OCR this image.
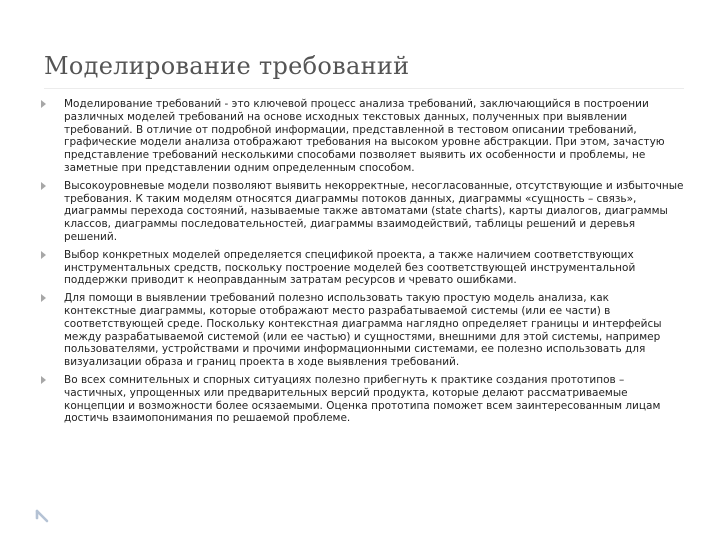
Моделирование требований
Моделирование требований - это ключевой процесс анализа требований, заключающийся в построении различных моделей требований на основе исходных текстовых данных, полученных при выявлении требований. В отличие от подробной информации, представленной в тестовом описании требований, графические модели анализа отображают требования на высоком уровне абстракции. При этом, зачастую представление требований несколькими способами позволяет выявить их особенности и проблемы, не заметные при представлении одним определенным способом.
Высокоуровневые модели позволяют выявить некорректные, несогласованные, отсутствующие и избыточные требования. К таким моделям относятся диаграммы потоков данных, диаграммы «сущность – связь», диаграммы перехода состояний, называемые также автоматами (state charts), карты диалогов, диаграммы классов, диаграммы последовательностей, диаграммы взаимодействий, таблицы решений и деревья решений.
Выбор конкретных моделей определяется спецификой проекта, а также наличием соответствующих инструментальных средств, поскольку построение моделей без соответствующей инструментальной поддержки приводит к неоправданным затратам ресурсов и чревато ошибками.
Для помощи в выявлении требований полезно использовать такую простую модель анализа, как контекстные диаграммы, которые отображают место разрабатываемой системы (или ее части) в соответствующей среде. Поскольку контекстная диаграмма наглядно определяет границы и интерфейсы между разрабатываемой системой (или ее частью) и сущностями, внешними для этой системы, например пользователями, устройствами и прочими информационными системами, ее полезно использовать для визуализации образа и границ проекта в ходе выявления требований.
Во всех сомнительных и спорных ситуациях полезно прибегнуть к практике создания прототипов – частичных, упрощенных или предварительных версий продукта, которые делают рассматриваемые концепции и возможности более осязаемыми. Оценка прототипа поможет всем заинтересованным лицам достичь взаимопонимания по решаемой проблеме.
